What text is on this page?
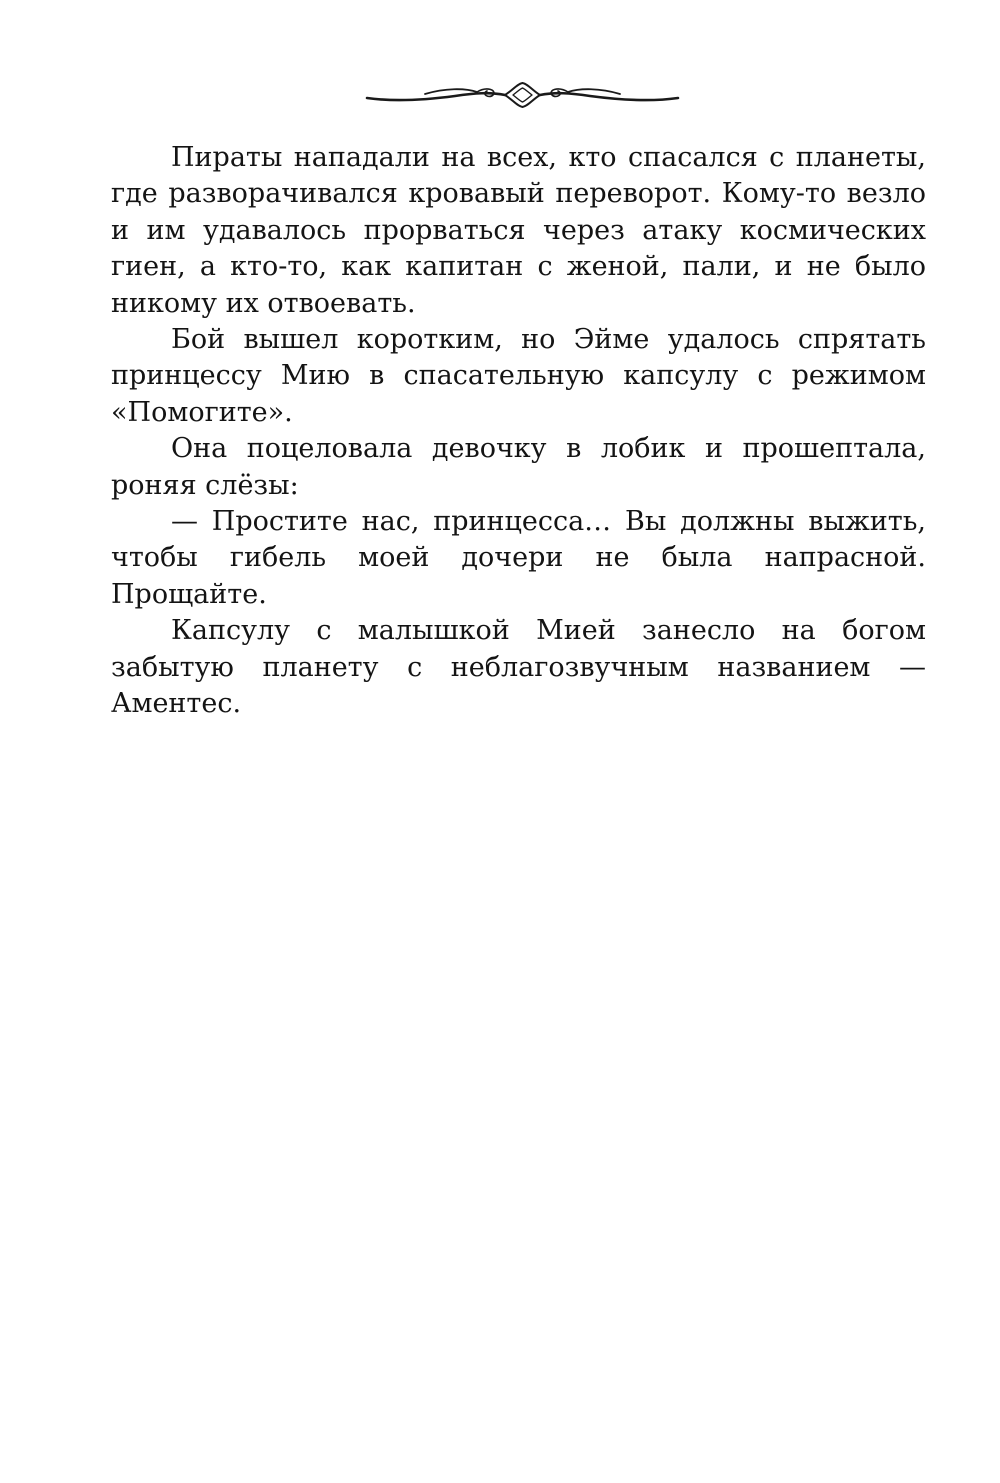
Пираты нападали на всех, кто спасался с планеты, где разворачивался кровавый переворот. Кому-то везло и им удавалось прорваться через атаку космических гиен, а кто-то, как капитан с женой, пали, и не было никому их отвоевать.

Бой вышел коротким, но Эйме удалось спрятать принцессу Мию в спасательную капсулу с режимом «Помогите».

Она поцеловала девочку в лобик и прошептала, роняя слёзы:

— Простите нас, принцесса… Вы должны выжить, чтобы гибель моей дочери не была напрасной. Прощайте.

Капсулу с малышкой Мией занесло на богом забытую планету с неблагозвучным названием — Аментес.
